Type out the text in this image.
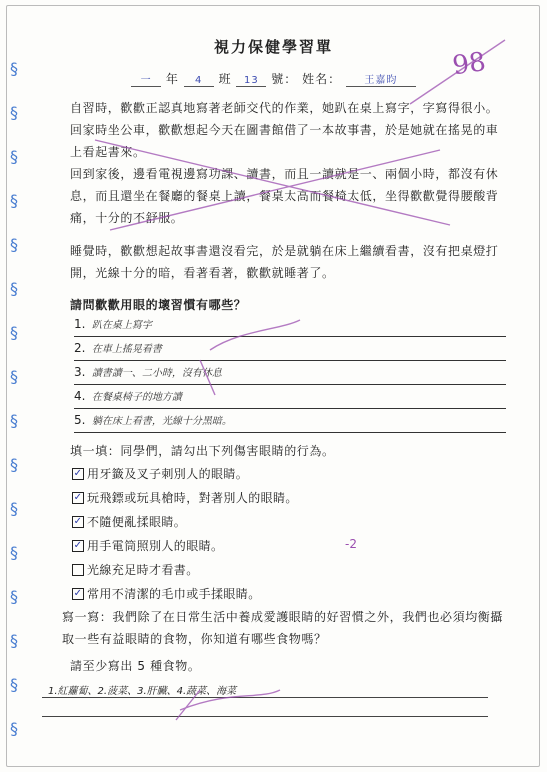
§
§
§
§
§
§
§
§
§
§
§
§
§
§
§
§
視力保健學習單
一 年 4 班 13 號： 姓名： 王嘉昀
自習時，歡歡正認真地寫著老師交代的作業，她趴在桌上寫字，字寫得很小。回家時坐公車，歡歡想起今天在圖書館借了一本故事書，於是她就在搖晃的車上看起書來。
回到家後，邊看電視邊寫功課、讀書，而且一讀就是一、兩個小時，都沒有休息，而且還坐在餐廳的餐桌上讀，餐桌太高而餐椅太低，坐得歡歡覺得腰酸背痛，十分的不舒服。
睡覺時，歡歡想起故事書還沒看完，於是就躺在床上繼續看書，沒有把桌燈打開，光線十分的暗，看著看著，歡歡就睡著了。
請問歡歡用眼的壞習慣有哪些？
1. 趴在桌上寫字
2. 在車上搖晃看書
3. 讀書讀一、二小時，沒有休息
4. 在餐桌椅子的地方讀
5. 躺在床上看書，光線十分黑暗。
填一填：同學們，請勾出下列傷害眼睛的行為。
✓ 用牙籤及叉子刺別人的眼睛。
✓ 玩飛鏢或玩具槍時，對著別人的眼睛。
✓ 不隨便亂揉眼睛。
✓ 用手電筒照別人的眼睛。
光線充足時才看書。
✓ 常用不清潔的毛巾或手揉眼睛。
寫一寫：我們除了在日常生活中養成愛護眼睛的好習慣之外，我們也必須均衡攝取一些有益眼睛的食物，你知道有哪些食物嗎？
請至少寫出 5 種食物。
1.紅蘿蔔、2.菠菜、3.肝臟、4.蔬菜、海菜
98
-2
